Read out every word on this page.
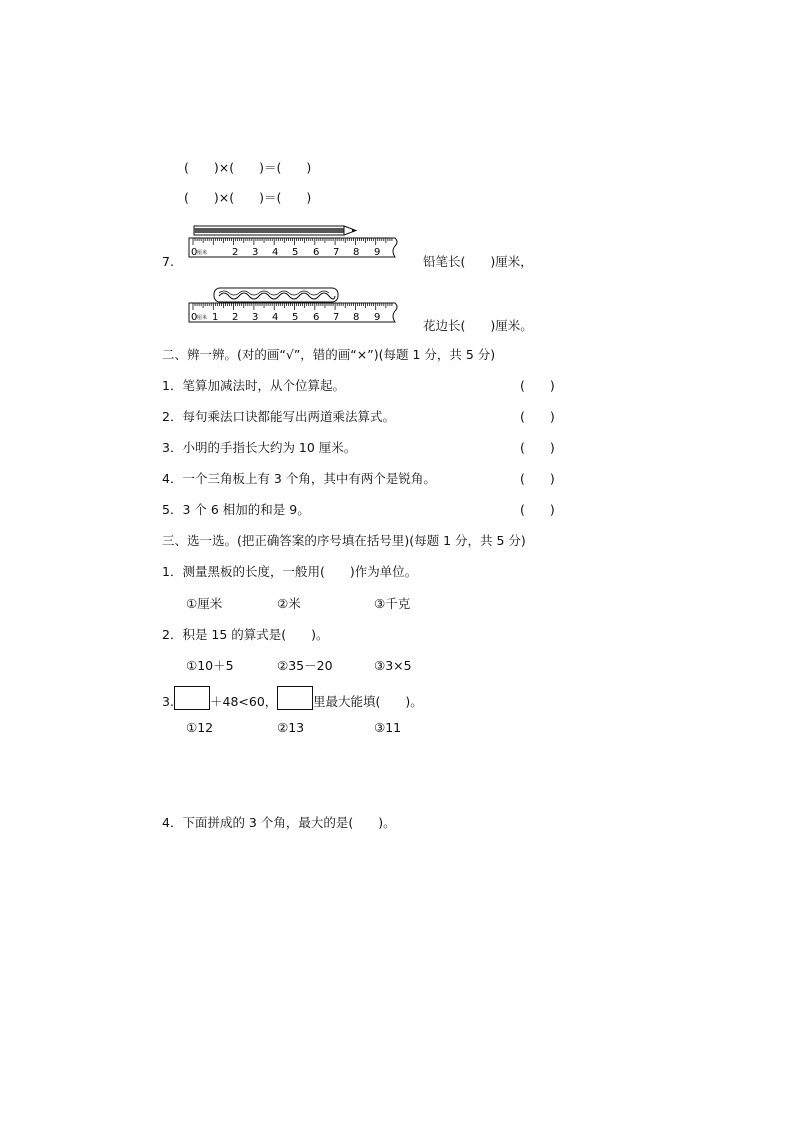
(　　)×(　　)＝(　　)
(　　)×(　　)＝(　　)
7.
0 厘米 2 3 4 5 6 7 8 9
铅笔长(　　)厘米，
0 厘米 1 2 3 4 5 6 7 8 9
花边长(　　)厘米。
二、辨一辨。(对的画“√”，错的画“×”)(每题 1 分，共 5 分)
1．笔算加减法时，从个位算起。	(　　)
2．每句乘法口诀都能写出两道乘法算式。	(　　)
3．小明的手指长大约为 10 厘米。	(　　)
4．一个三角板上有 3 个角，其中有两个是锐角。	(　　)
5．3 个 6 相加的和是 9。	(　　)
三、选一选。(把正确答案的序号填在括号里)(每题 1 分，共 5 分)
1．测量黑板的长度，一般用(　　)作为单位。
①厘米	②米	③千克
2．积是 15 的算式是(　　)。
①10＋5	②35－20	③3×5
3.	＋48<60，	里最大能填(　　)。
①12	②13	③11
4．下面拼成的 3 个角，最大的是(　　)。
